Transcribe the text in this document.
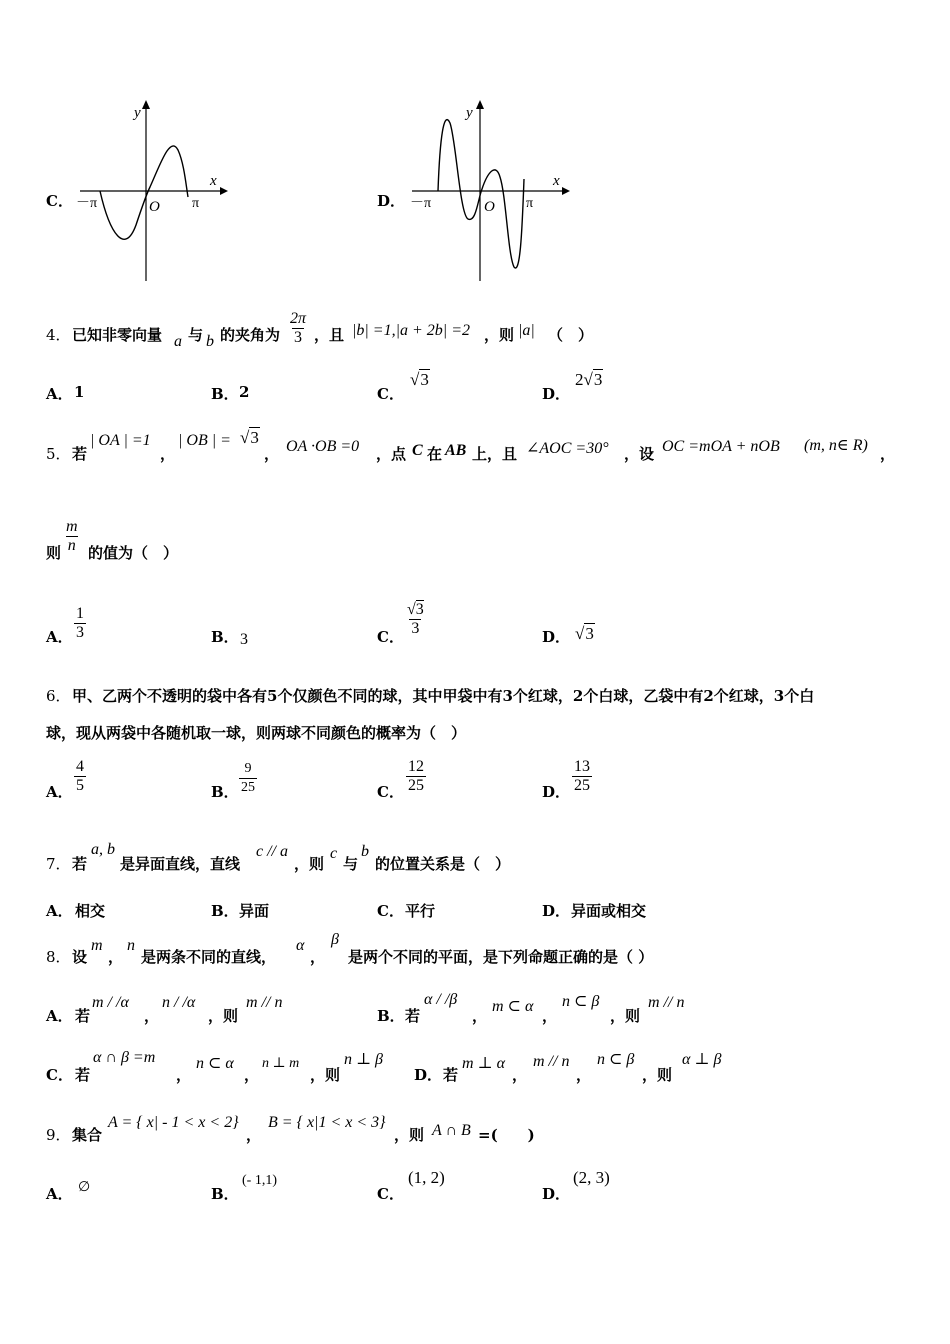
C．
y
x
O
－π	π	D．
y
x
O
－π	π
4． 已知非零向量 a 与 b 的夹角为 $\frac{2\pi}{3}$ ，且 |b| =1,|a + 2b| =2 ，则 |a| （　）
A． 1	B． 2	C．
√3
D．
2√3
5． 若
| OA | =1
，
| OB | = √3
， OA ·OB =0 ，点 C 在 AB 上，且 ∠AOC =30° ，设 OC =mOA + nOB (m, n∈ R) ，
则 $\frac{m}{n}$ 的值为（　）
A． $\frac{1}{3}$	B． 3	C． $\frac{√3}{3}$	D． √3
6． 甲、乙两个不透明的袋中各有5个仅颜色不同的球，其中甲袋中有3个红球，2个白球，乙袋中有2个红球，3个白
球，现从两袋中各随机取一球，则两球不同颜色的概率为（　）
A． $\frac{4}{5}$	B． $\frac{9}{25}$	C． $\frac{12}{25}$	D． $\frac{13}{25}$
7． 若
a, b
是异面直线，直线
c // a
，则
c
与
b
的位置关系是（　）
A． 相交	B． 异面	C． 平行	D． 异面或相交
8． 设
m
，
n
是两条不同的直线，
α
，
β
是两个不同的平面，是下列命题正确的是（ ）
A． 若
m / /α
，
n / /α
，则
m // n
B． 若
α / /β
，
m ⊂ α
，
n ⊂ β
，则
m // n
C． 若
α ∩ β =m
，
n ⊂ α
，
n ⊥ m
，则
n ⊥ β
D． 若
m ⊥ α
，
m // n
，
n ⊂ β
，则
α ⊥ β
9． 集合
A = { x| - 1 < x < 2}
，
B = { x|1 < x < 3}
，则 A ∩ B =(　　)
A． ∅	B．
(- 1,1)
C．
(1, 2)
D．
(2, 3)
